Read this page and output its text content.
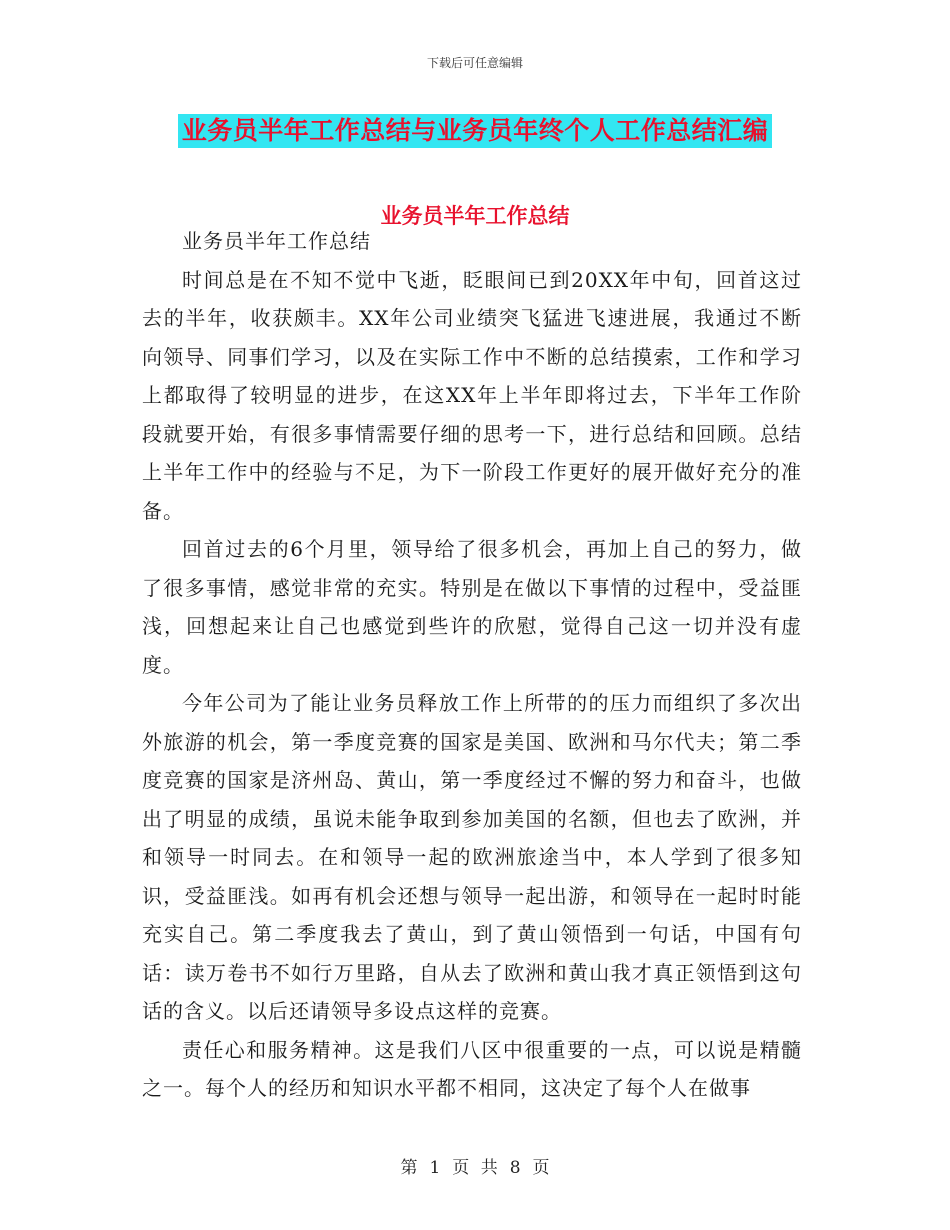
下载后可任意编辑
业务员半年工作总结与业务员年终个人工作总结汇编
业务员半年工作总结

业务员半年工作总结

时间总是在不知不觉中飞逝，眨眼间已到20XX年中旬，回首这过去的半年，收获颇丰。XX年公司业绩突飞猛进飞速进展，我通过不断向领导、同事们学习，以及在实际工作中不断的总结摸索，工作和学习上都取得了较明显的进步，在这XX年上半年即将过去，下半年工作阶段就要开始，有很多事情需要仔细的思考一下，进行总结和回顾。总结上半年工作中的经验与不足，为下一阶段工作更好的展开做好充分的准备。

回首过去的6个月里，领导给了很多机会，再加上自己的努力，做了很多事情，感觉非常的充实。特别是在做以下事情的过程中，受益匪浅，回想起来让自己也感觉到些许的欣慰，觉得自己这一切并没有虚度。

今年公司为了能让业务员释放工作上所带的的压力而组织了多次出外旅游的机会，第一季度竞赛的国家是美国、欧洲和马尔代夫；第二季度竞赛的国家是济州岛、黄山，第一季度经过不懈的努力和奋斗，也做出了明显的成绩，虽说未能争取到参加美国的名额，但也去了欧洲，并和领导一时同去。在和领导一起的欧洲旅途当中，本人学到了很多知识，受益匪浅。如再有机会还想与领导一起出游，和领导在一起时时能充实自己。第二季度我去了黄山，到了黄山领悟到一句话，中国有句话：读万卷书不如行万里路，自从去了欧洲和黄山我才真正领悟到这句话的含义。以后还请领导多设点这样的竞赛。

责任心和服务精神。这是我们八区中很重要的一点，可以说是精髓之一。每个人的经历和知识水平都不相同，这决定了每个人在做事

第 1 页 共 8 页
